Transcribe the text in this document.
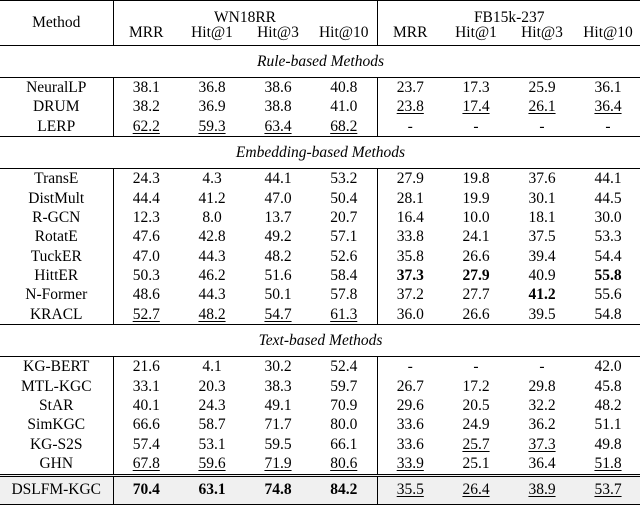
Method	WN18RR				FB15k-237			
	MRR	Hit@1	Hit@3	Hit@10	MRR	Hit@1	Hit@3	Hit@10
Rule-based Methods								
NeuralLP	38.1	36.8	38.6	40.8	23.7	17.3	25.9	36.1
DRUM	38.2	36.9	38.8	41.0	23.8	17.4	26.1	36.4
LERP	62.2	59.3	63.4	68.2	-	-	-	-
Embedding-based Methods								
TransE	24.3	4.3	44.1	53.2	27.9	19.8	37.6	44.1
DistMult	44.4	41.2	47.0	50.4	28.1	19.9	30.1	44.5
R-GCN	12.3	8.0	13.7	20.7	16.4	10.0	18.1	30.0
RotatE	47.6	42.8	49.2	57.1	33.8	24.1	37.5	53.3
TuckER	47.0	44.3	48.2	52.6	35.8	26.6	39.4	54.4
HittER	50.3	46.2	51.6	58.4	37.3	27.9	40.9	55.8
N-Former	48.6	44.3	50.1	57.8	37.2	27.7	41.2	55.6
KRACL	52.7	48.2	54.7	61.3	36.0	26.6	39.5	54.8
Text-based Methods								
KG-BERT	21.6	4.1	30.2	52.4	-	-	-	42.0
MTL-KGC	33.1	20.3	38.3	59.7	26.7	17.2	29.8	45.8
StAR	40.1	24.3	49.1	70.9	29.6	20.5	32.2	48.2
SimKGC	66.6	58.7	71.7	80.0	33.6	24.9	36.2	51.1
KG-S2S	57.4	53.1	59.5	66.1	33.6	25.7	37.3	49.8
GHN	67.8	59.6	71.9	80.6	33.9	25.1	36.4	51.8
DSLFM-KGC	70.4	63.1	74.8	84.2	35.5	26.4	38.9	53.7
